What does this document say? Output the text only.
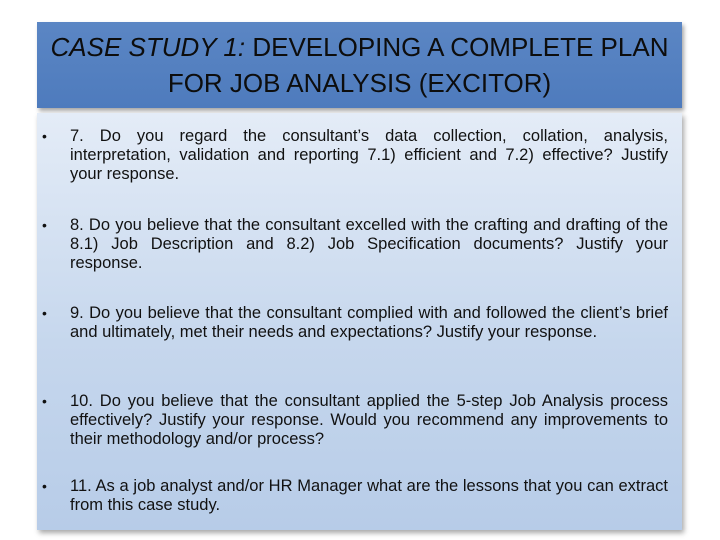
CASE STUDY 1: DEVELOPING A COMPLETE PLAN
FOR JOB ANALYSIS (EXCITOR)
• 7. Do you regard the consultant’s data collection, collation, analysis, interpretation, validation and reporting 7.1) efficient and 7.2) effective? Justify your response.
• 8. Do you believe that the consultant excelled with the crafting and drafting of the 8.1) Job Description and 8.2) Job Specification documents? Justify your response.
• 9. Do you believe that the consultant complied with and followed the client’s brief and ultimately, met their needs and expectations? Justify your response.
• 10. Do you believe that the consultant applied the 5-step Job Analysis process effectively? Justify your response. Would you recommend any improvements to their methodology and/or process?
• 11. As a job analyst and/or HR Manager what are the lessons that you can extract from this case study.
